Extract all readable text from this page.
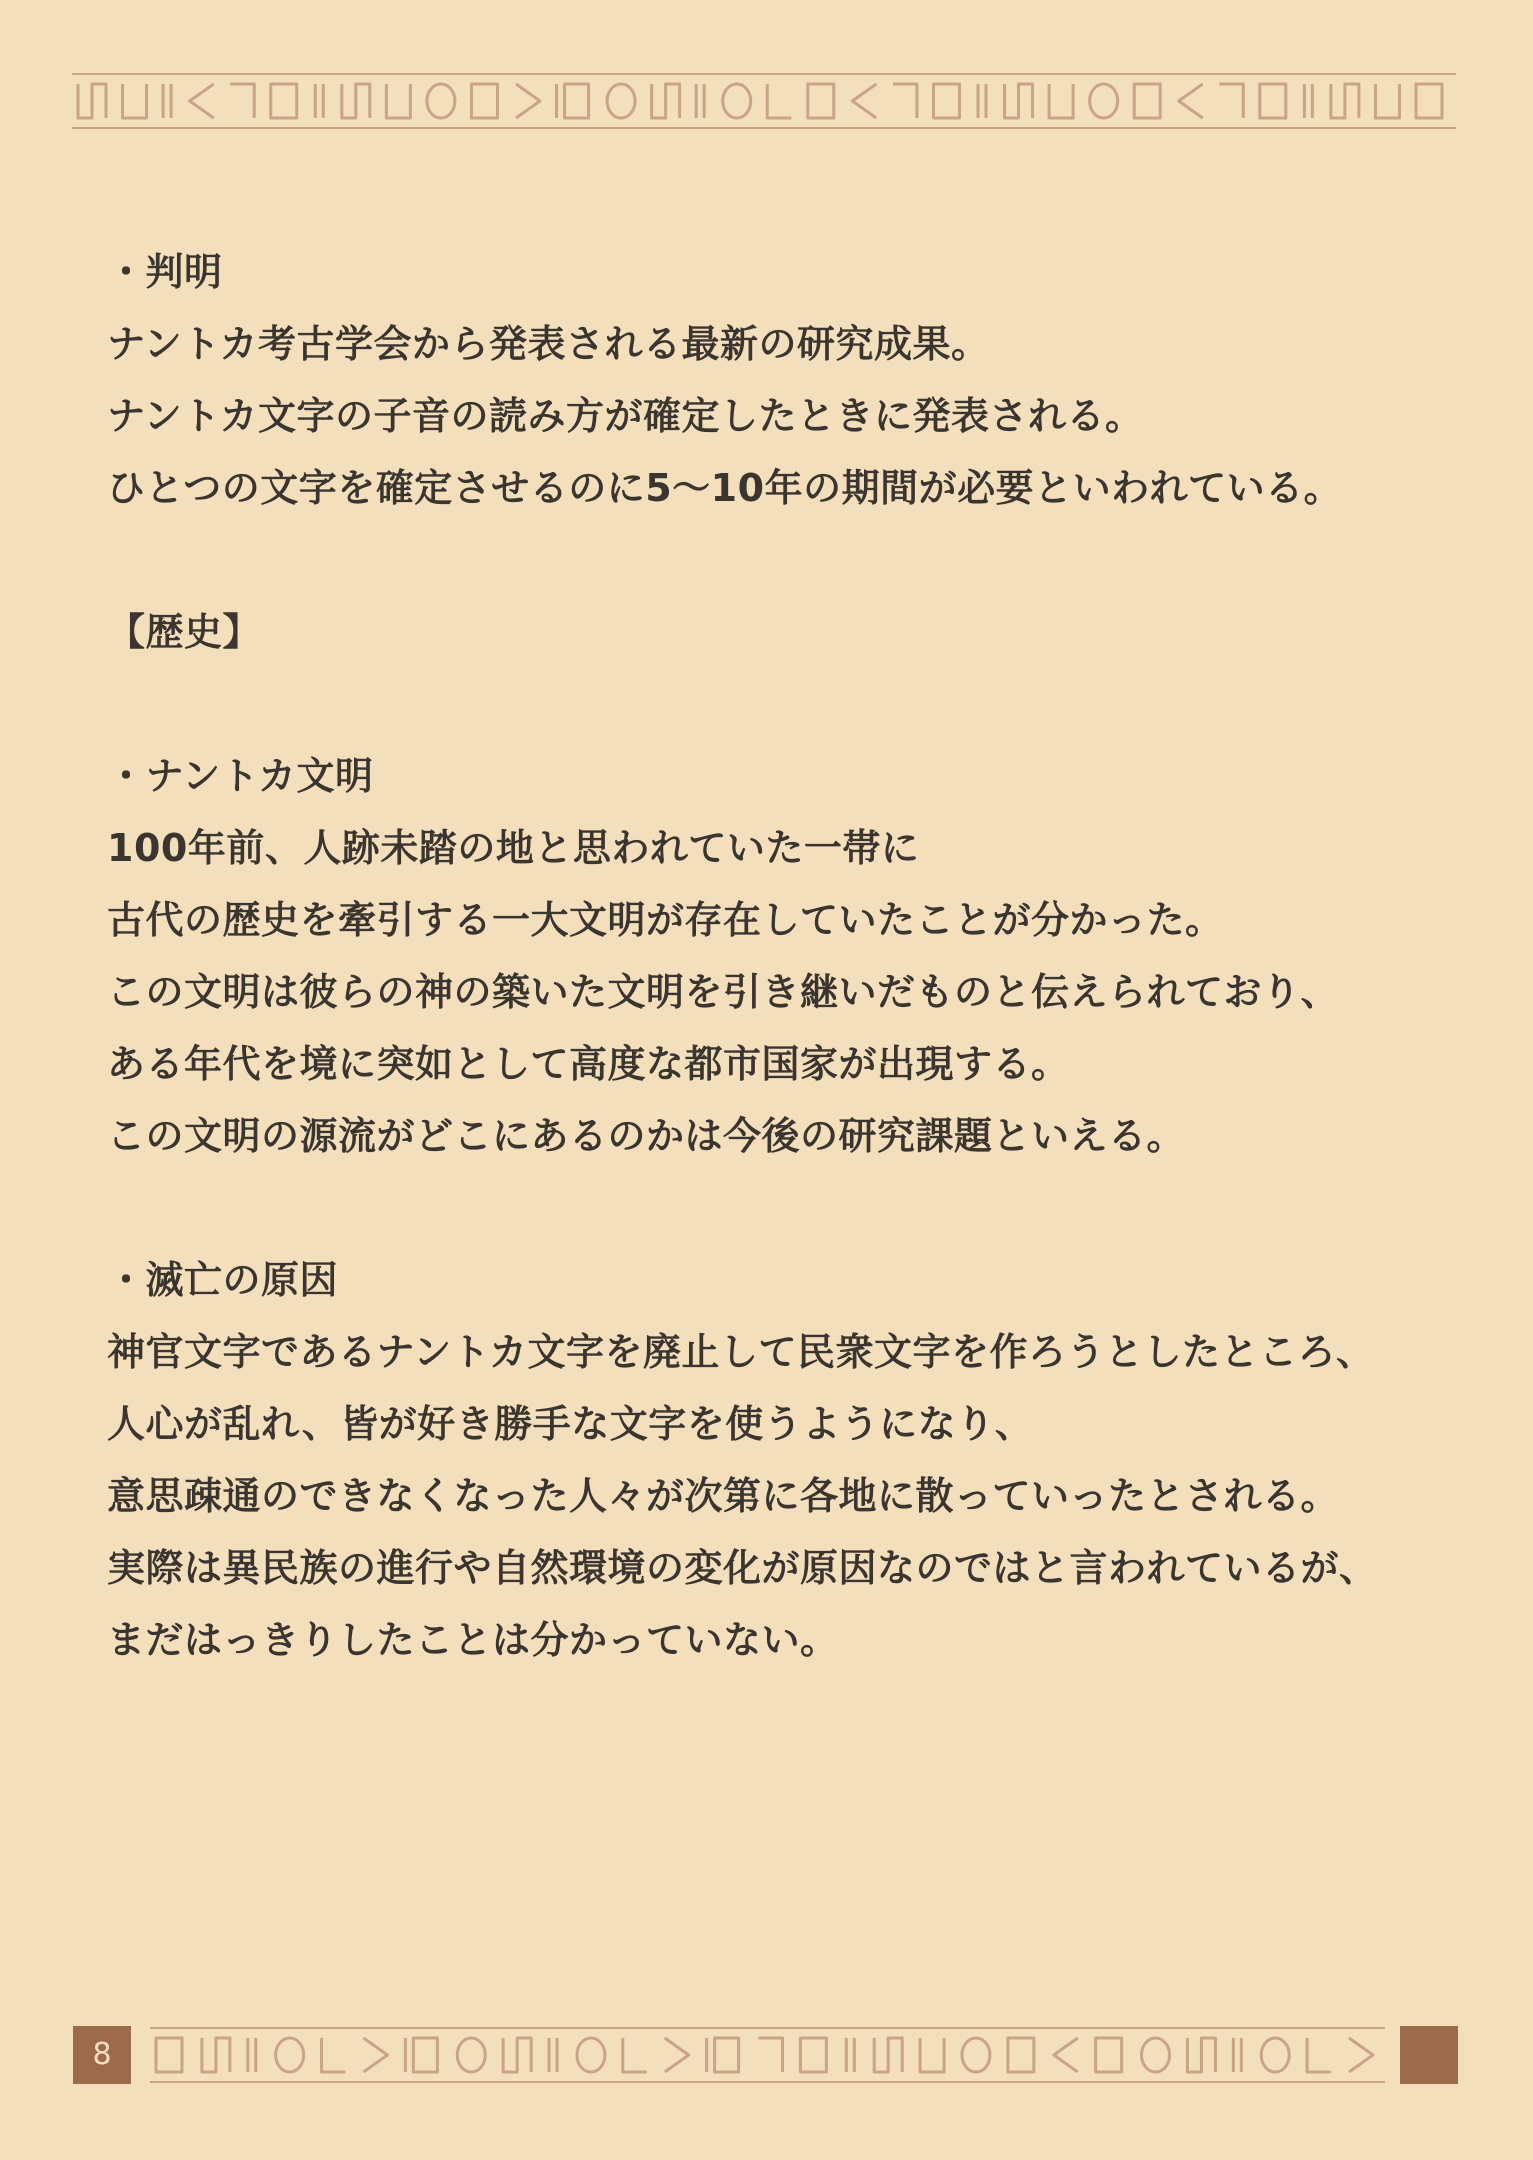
・判明

ナントカ考古学会から発表される最新の研究成果。

ナントカ文字の子音の読み方が確定したときに発表される。

ひとつの文字を確定させるのに5～10年の期間が必要といわれている。

【歴史】

・ナントカ文明

100年前、人跡未踏の地と思われていた一帯に

古代の歴史を牽引する一大文明が存在していたことが分かった。

この文明は彼らの神の築いた文明を引き継いだものと伝えられており、

ある年代を境に突如として高度な都市国家が出現する。

この文明の源流がどこにあるのかは今後の研究課題といえる。

・滅亡の原因

神官文字であるナントカ文字を廃止して民衆文字を作ろうとしたところ、

人心が乱れ、皆が好き勝手な文字を使うようになり、

意思疎通のできなくなった人々が次第に各地に散っていったとされる。

実際は異民族の進行や自然環境の変化が原因なのではと言われているが、

まだはっきりしたことは分かっていない。

8
